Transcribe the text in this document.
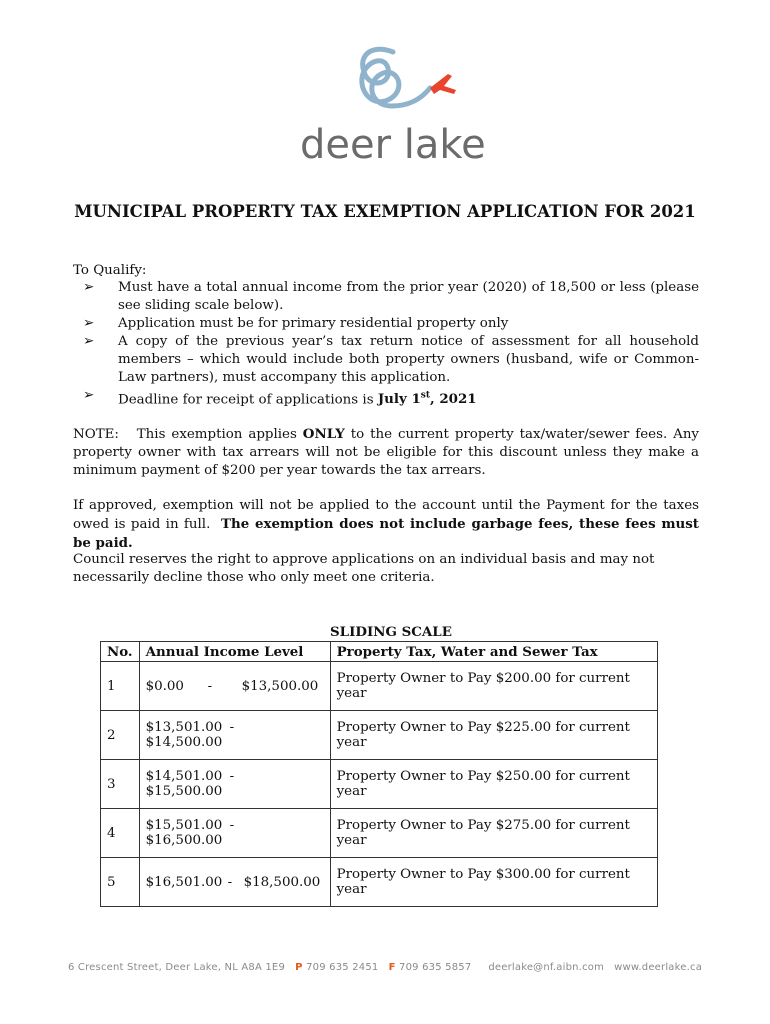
deer lake
MUNICIPAL PROPERTY TAX EXEMPTION APPLICATION FOR 2021
To Qualify:
➢ Must have a total annual income from the prior year (2020) of 18,500 or less (please see sliding scale below).
➢ Application must be for primary residential property only
➢ A copy of the previous year’s tax return notice of assessment for all household members – which would include both property owners (husband, wife or Common-Law partners), must accompany this application.
➢ Deadline for receipt of applications is July 1st, 2021
NOTE:   This exemption applies ONLY to the current property tax/water/sewer fees. Any property owner with tax arrears will not be eligible for this discount unless they make a minimum payment of $200 per year towards the tax arrears.
If approved, exemption will not be applied to the account until the Payment for the taxes owed is paid in full.  The exemption does not include garbage fees, these fees must be paid.
Council reserves the right to approve applications on an individual basis and may not necessarily decline those who only meet one criteria.
SLIDING SCALE
No.	Annual Income Level	Property Tax, Water and Sewer Tax
1	$0.00 - $13,500.00	Property Owner to Pay $200.00 for current year
2	$13,501.00 -$14,500.00	Property Owner to Pay $225.00 for current year
3	$14,501.00 -$15,500.00	Property Owner to Pay $250.00 for current year
4	$15,501.00 -$16,500.00	Property Owner to Pay $275.00 for current year
5	$16,501.00 - $18,500.00	Property Owner to Pay $300.00 for current year
6 Crescent Street, Deer Lake, NL A8A 1E9 P 709 635 2451 F 709 635 5857 deerlake@nf.aibn.com www.deerlake.ca
